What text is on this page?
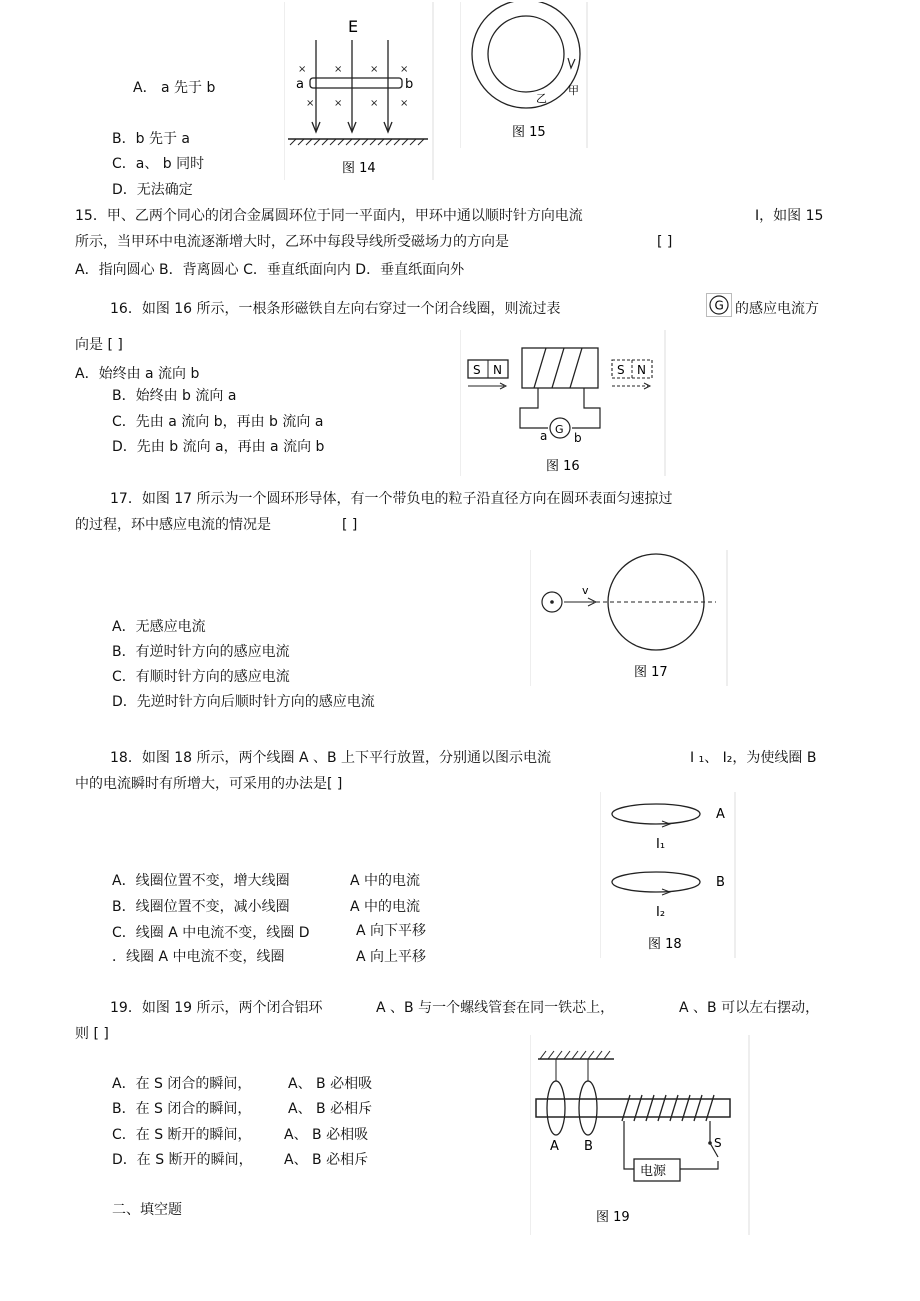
A． a 先于 b
B．b 先于 a
C．a、 b 同时
D．无法确定
E
×	×	× ×
× ×	× ×
a	b
图 14
乙
甲
图 15
15．甲、乙两个同心的闭合金属圆环位于同一平面内，甲环中通以顺时针方向电流	I，如图 15
所示，当甲环中电流逐渐增大时，乙环中每段导线所受磁场力的方向是	[ ]
A．指向圆心 B．背离圆心 C．垂直纸面向内 D．垂直纸面向外
16．如图 16 所示，一根条形磁铁自左向右穿过一个闭合线圈，则流过表	G 的感应电流方
向是 [ ]
A．始终由 a 流向 b
B．始终由 b 流向 a
C．先由 a 流向 b，再由 b 流向 a
D．先由 b 流向 a，再由 a 流向 b
S N
G
a b
S N
图 16
17．如图 17 所示为一个圆环形导体，有一个带负电的粒子沿直径方向在圆环表面匀速掠过
的过程，环中感应电流的情况是	[ ]
A．无感应电流
B．有逆时针方向的感应电流
C．有顺时针方向的感应电流
D．先逆时针方向后顺时针方向的感应电流
v
图 17
18．如图 18 所示，两个线圈 A 、B 上下平行放置，分别通以图示电流	I ₁、 I₂，为使线圈 B
中的电流瞬时有所增大，可采用的办法是[ ]
A．线圈位置不变，增大线圈	A 中的电流
B．线圈位置不变，减小线圈	A 中的电流
C．线圈 A 中电流不变，线圈 D	A 向下平移
．线圈 A 中电流不变，线圈	A 向上平移
A
I₁
B
I₂
图 18
19．如图 19 所示，两个闭合铝环	A 、B 与一个螺线管套在同一铁芯上，	A 、B 可以左右摆动，
则 [ ]
A．在 S 闭合的瞬间，	A、 B 必相吸
B．在 S 闭合的瞬间，	A、 B 必相斥
C．在 S 断开的瞬间， A、 B 必相吸
D．在 S 断开的瞬间， A、 B 必相斥
A B	S
电源
图 19
二、填空题
